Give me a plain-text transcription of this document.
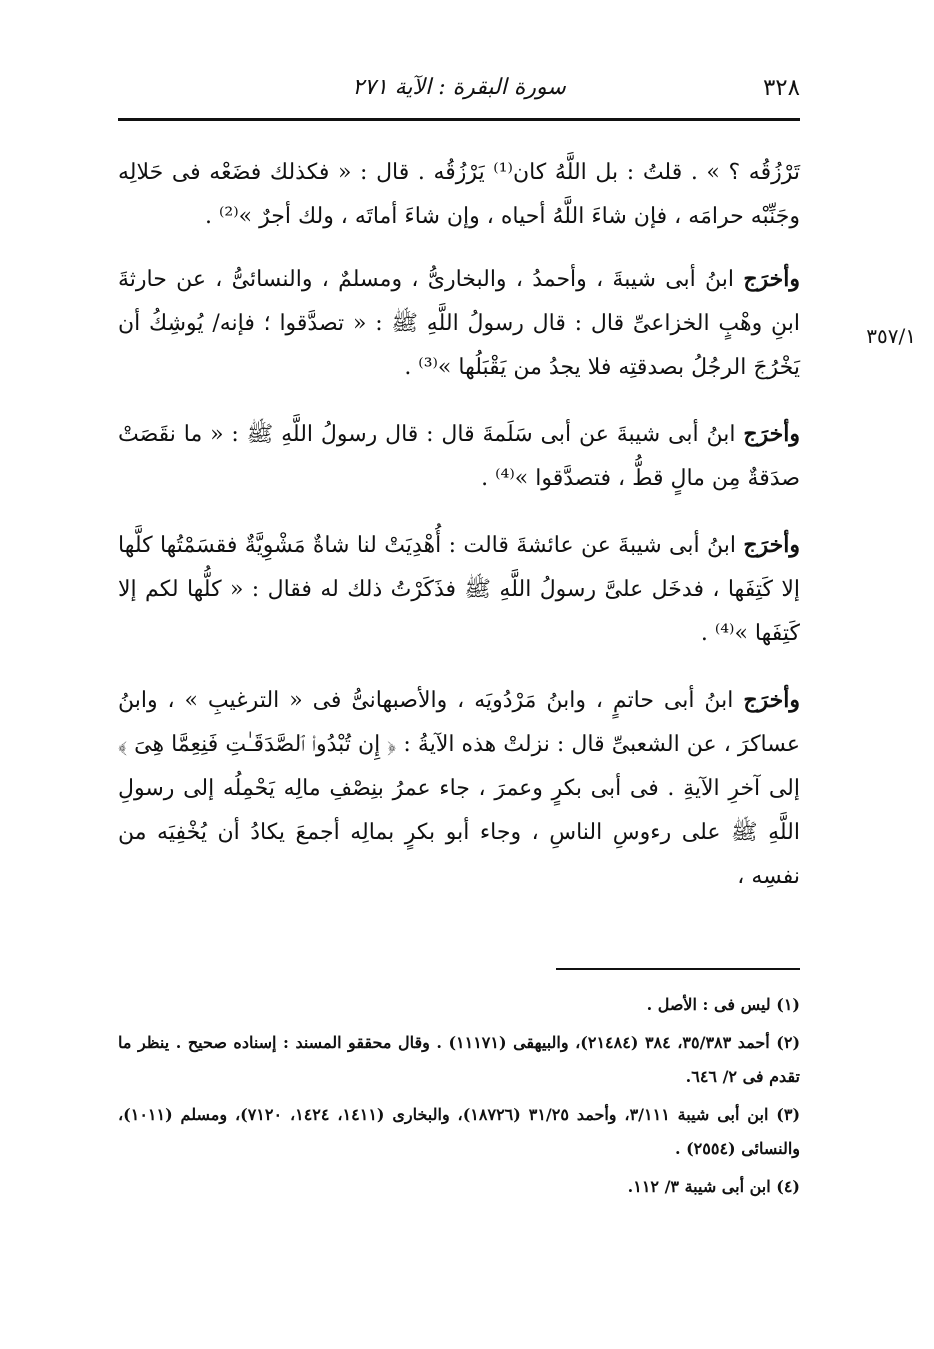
٣٢٨
سورة البقرة : الآية ٢٧١
٣٥٧/١

تَرْزُقُه ؟ » . قلتُ : بل اللَّهُ كان⁽¹⁾ يَرْزُقُه . قال : « فكذلك فضَعْه فى حَلالِه وجَنِّبْه حرامَه ، فإن شاءَ اللَّهُ أحياه ، وإن شاءَ أماتَه ، ولك أجرٌ »⁽²⁾ .

وأخرَج ابنُ أبى شيبةَ ، وأحمدُ ، والبخارىُّ ، ومسلمٌ ، والنسائىُّ ، عن حارثةَ ابنِ وهْبٍ الخزاعىِّ قال : قال رسولُ اللَّهِ ﷺ : « تصدَّقوا ؛ فإنه/ يُوشِكُ أن يَخْرُجَ الرجُلُ بصدقتِه فلا يجدُ من يَقْبَلُها »⁽³⁾ .

وأخرَج ابنُ أبى شيبةَ عن أبى سَلَمةَ قال : قال رسولُ اللَّهِ ﷺ : « ما نقَصَتْ صدَقةٌ مِن مالٍ قطُّ ، فتصدَّقوا »⁽⁴⁾ .

وأخرَج ابنُ أبى شيبةَ عن عائشةَ قالت : أُهْدِيَتْ لنا شاةٌ مَشْوِيَّةٌ فقسَمْتُها كلَّها إلا كَتِفَها ، فدخَل علىَّ رسولُ اللَّهِ ﷺ فذَكَرْتُ ذلك له فقال : « كلُّها لكم إلا كَتِفَها »⁽⁴⁾ .

وأخرَج ابنُ أبى حاتمٍ ، وابنُ مَرْدُويَه ، والأصبهانىُّ فى « الترغيبِ » ، وابنُ عساكرَ ، عن الشعبىِّ قال : نزلتْ هذه الآيةُ : ﴿ إِن تُبْدُوا۟ ٱلصَّدَقَـٰتِ فَنِعِمَّا هِىَ ﴾ إلى آخرِ الآيةِ . فى أبى بكرٍ وعمرَ ، جاء عمرُ بنِصْفِ مالِه يَحْمِلُه إلى رسولِ اللَّهِ ﷺ على رءوسِ الناسِ ، وجاء أبو بكرٍ بمالِه أجمعَ يكادُ أن يُخْفِيَه من نفسِه ،

(١) ليس فى : الأصل .

(٢) أحمد ٣٥/٣٨٣، ٣٨٤ (٢١٤٨٤)، والبيهقى (١١١٧١) . وقال محققو المسند : إسناده صحيح . ينظر ما تقدم فى ٢/ ٦٤٦.

(٣) ابن أبى شيبة ٣/١١١، وأحمد ٣١/٢٥ (١٨٧٢٦)، والبخارى (١٤١١، ١٤٢٤، ٧١٢٠)، ومسلم (١٠١١)، والنسائى (٢٥٥٤) .

(٤) ابن أبى شيبة ٣/ ١١٢.
